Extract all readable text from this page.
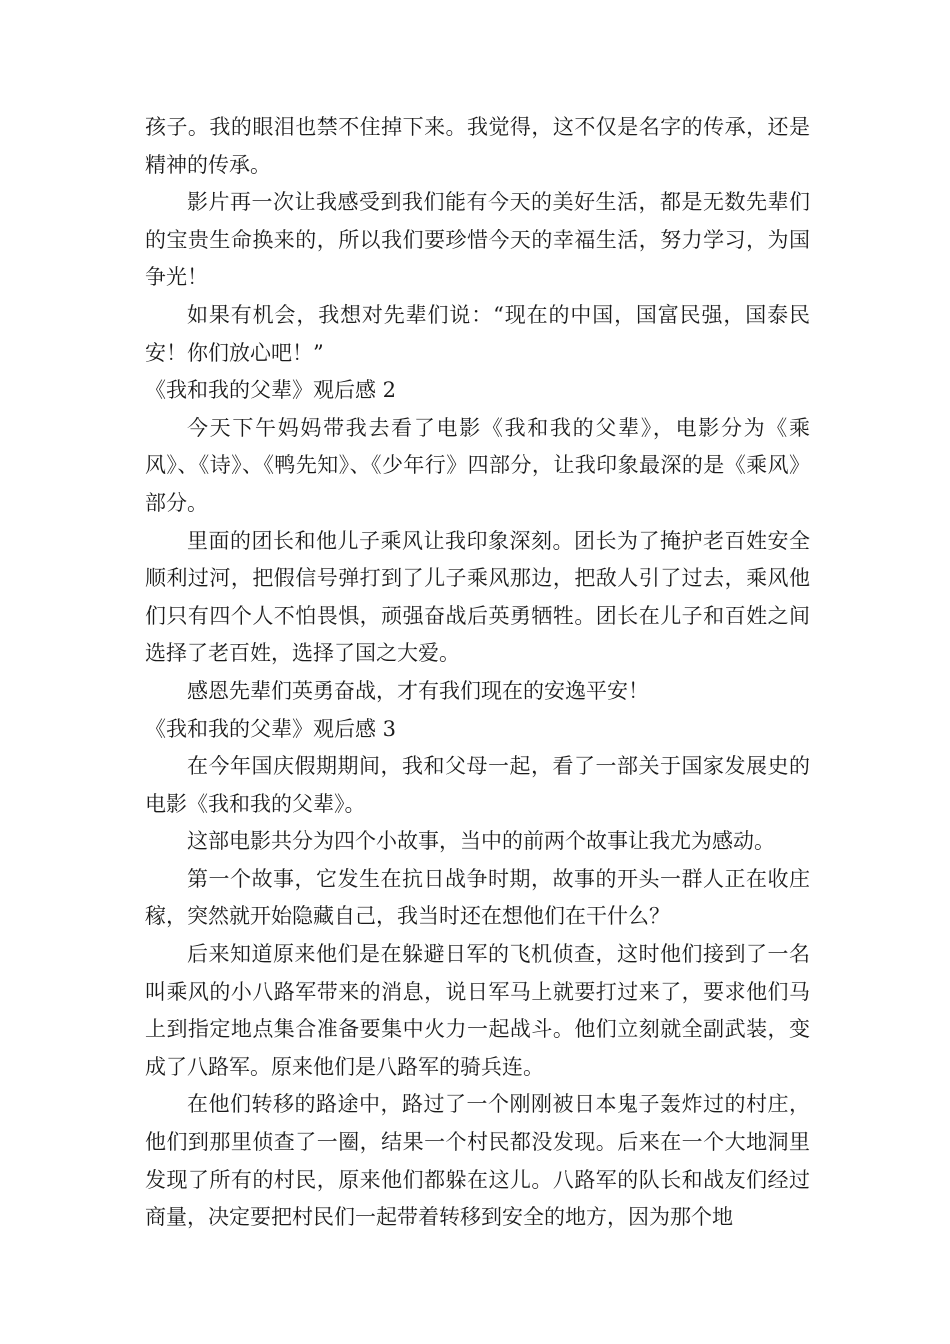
孩子。我的眼泪也禁不住掉下来。我觉得，这不仅是名字的传承，还是精神的传承。

影片再一次让我感受到我们能有今天的美好生活，都是无数先辈们的宝贵生命换来的，所以我们要珍惜今天的幸福生活，努力学习，为国争光！

如果有机会，我想对先辈们说：“现在的中国，国富民强，国泰民安！你们放心吧！”

《我和我的父辈》观后感 2

今天下午妈妈带我去看了电影《我和我的父辈》，电影分为《乘风》、《诗》、《鸭先知》、《少年行》四部分，让我印象最深的是《乘风》部分。

里面的团长和他儿子乘风让我印象深刻。团长为了掩护老百姓安全顺利过河，把假信号弹打到了儿子乘风那边，把敌人引了过去，乘风他们只有四个人不怕畏惧，顽强奋战后英勇牺牲。团长在儿子和百姓之间选择了老百姓，选择了国之大爱。

感恩先辈们英勇奋战，才有我们现在的安逸平安！

《我和我的父辈》观后感 3

在今年国庆假期期间，我和父母一起，看了一部关于国家发展史的电影《我和我的父辈》。

这部电影共分为四个小故事，当中的前两个故事让我尤为感动。

第一个故事，它发生在抗日战争时期，故事的开头一群人正在收庄稼，突然就开始隐藏自己，我当时还在想他们在干什么？

后来知道原来他们是在躲避日军的飞机侦查，这时他们接到了一名叫乘风的小八路军带来的消息，说日军马上就要打过来了，要求他们马上到指定地点集合准备要集中火力一起战斗。他们立刻就全副武装，变成了八路军。原来他们是八路军的骑兵连。

在他们转移的路途中，路过了一个刚刚被日本鬼子轰炸过的村庄，他们到那里侦查了一圈，结果一个村民都没发现。后来在一个大地洞里发现了所有的村民，原来他们都躲在这儿。八路军的队长和战友们经过商量，决定要把村民们一起带着转移到安全的地方，因为那个地
